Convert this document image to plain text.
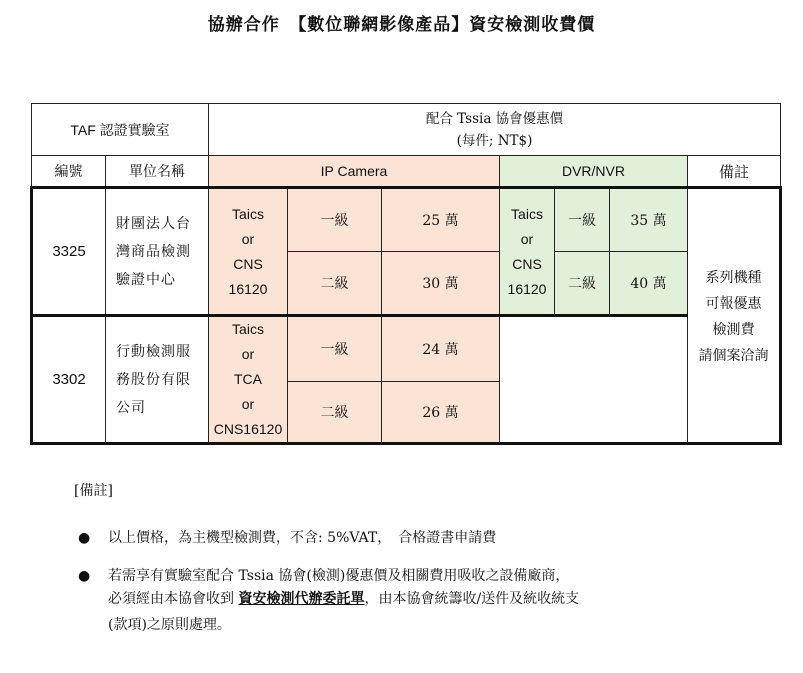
協辦合作　【數位聯網影像產品】資安檢測收費價
TAF 認證實驗室		配合 Tssia 協會優惠價
(每件; NT$)						

編號	單位名稱	IP Camera			DVR/NVR			備註
3325	財團法人台
灣商品檢測
驗證中心	Taics
or
CNS
16120	一級	25 萬	Taics
or
CNS
16120	一級	35 萬	系列機種
可報優惠
檢測費
請個案洽詢

			二級	30 萬		二級	40 萬	
3302	行動檢測服
務股份有限
公司	Taics
or
TCA
or
CNS16120	一級	24 萬				
			二級	26 萬				
[備註]
● 以上價格，為主機型檢測費，不含: 5%VAT，　合格證書申請費
● 若需享有實驗室配合 Tssia 協會(檢測)優惠價及相關費用吸收之設備廠商，
必須經由本協會收到 資安檢測代辦委託單，由本協會統籌收/送件及統收統支
(款項)之原則處理。
